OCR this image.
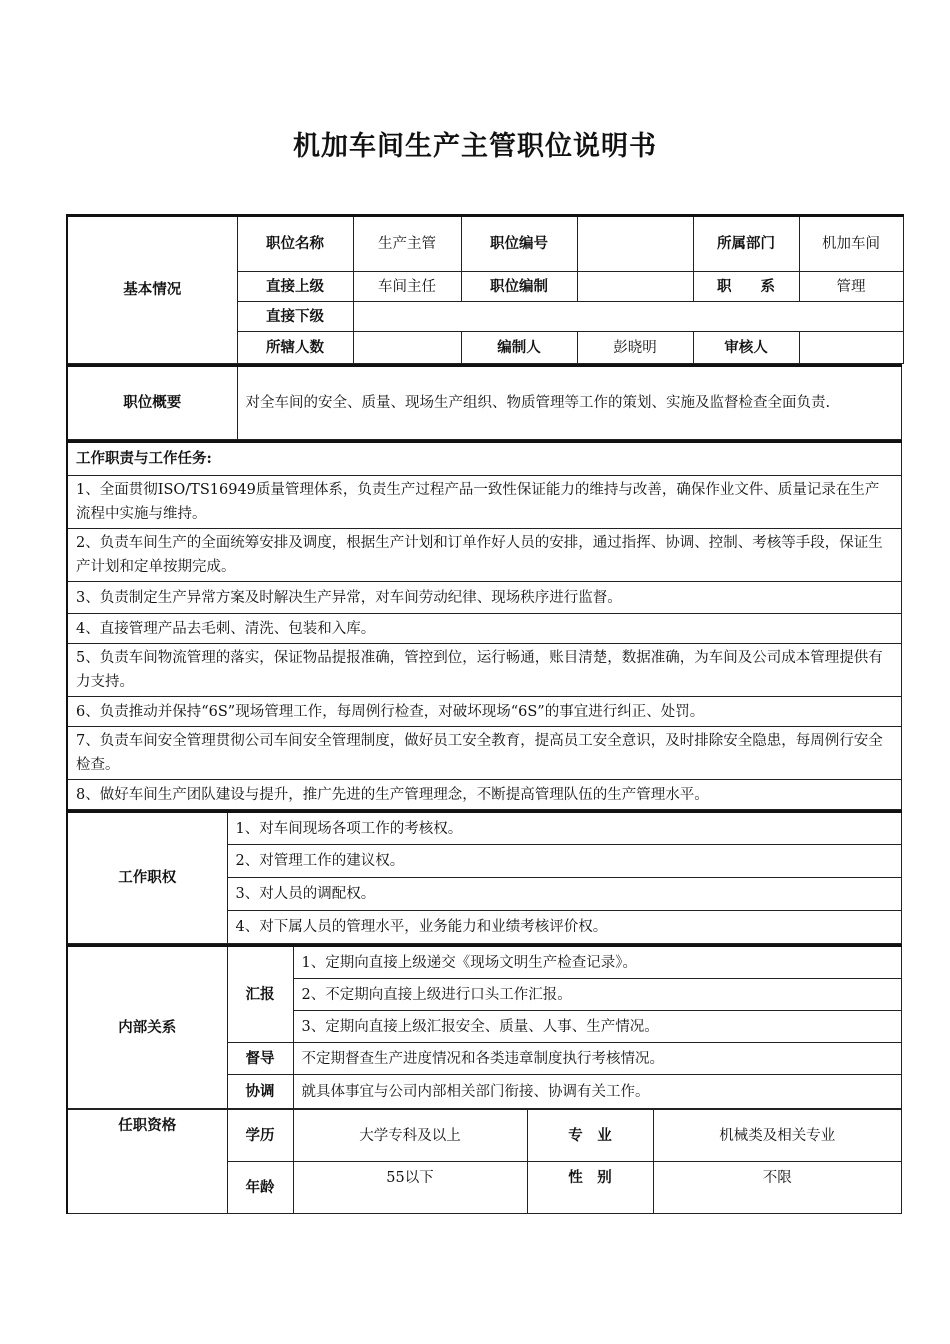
机加车间生产主管职位说明书
基本情况	职位名称	生产主管	职位编号		所属部门	机加车间
	直接上级	车间主任	职位编制		职　　系	管理
	直接下级					
	所辖人数		编制人	彭晓明	审核人	
职位概要	对全车间的安全、质量、现场生产组织、物质管理等工作的策划、实施及监督检查全面负责.
工作职责与工作任务:
1、全面贯彻ISO/TS16949质量管理体系，负责生产过程产品一致性保证能力的维持与改善，确保作业文件、质量记录在生产流程中实施与维持。
2、负责车间生产的全面统筹安排及调度，根据生产计划和订单作好人员的安排，通过指挥、协调、控制、考核等手段，保证生产计划和定单按期完成。
3、负责制定生产异常方案及时解决生产异常，对车间劳动纪律、现场秩序进行监督。
4、直接管理产品去毛刺、清洗、包装和入库。
5、负责车间物流管理的落实，保证物品提报准确，管控到位，运行畅通，账目清楚，数据准确，为车间及公司成本管理提供有力支持。
6、负责推动并保持“6S”现场管理工作，每周例行检查，对破坏现场“6S”的事宜进行纠正、处罚。
7、负责车间安全管理贯彻公司车间安全管理制度，做好员工安全教育，提高员工安全意识，及时排除安全隐患，每周例行安全检查。
8、做好车间生产团队建设与提升，推广先进的生产管理理念，不断提高管理队伍的生产管理水平。
工作职权	1、对车间现场各项工作的考核权。
2、对管理工作的建议权。
3、对人员的调配权。
4、对下属人员的管理水平，业务能力和业绩考核评价权。
内部关系	汇报	1、定期向直接上级递交《现场文明生产检查记录》。
		2、不定期向直接上级进行口头工作汇报。
		3、定期向直接上级汇报安全、质量、人事、生产情况。
	督导	不定期督查生产进度情况和各类违章制度执行考核情况。
	协调	就具体事宜与公司内部相关部门衔接、协调有关工作。
任职资格	学历	大学专科及以上	专　业	机械类及相关专业
	年龄	55以下	性　别	不限
